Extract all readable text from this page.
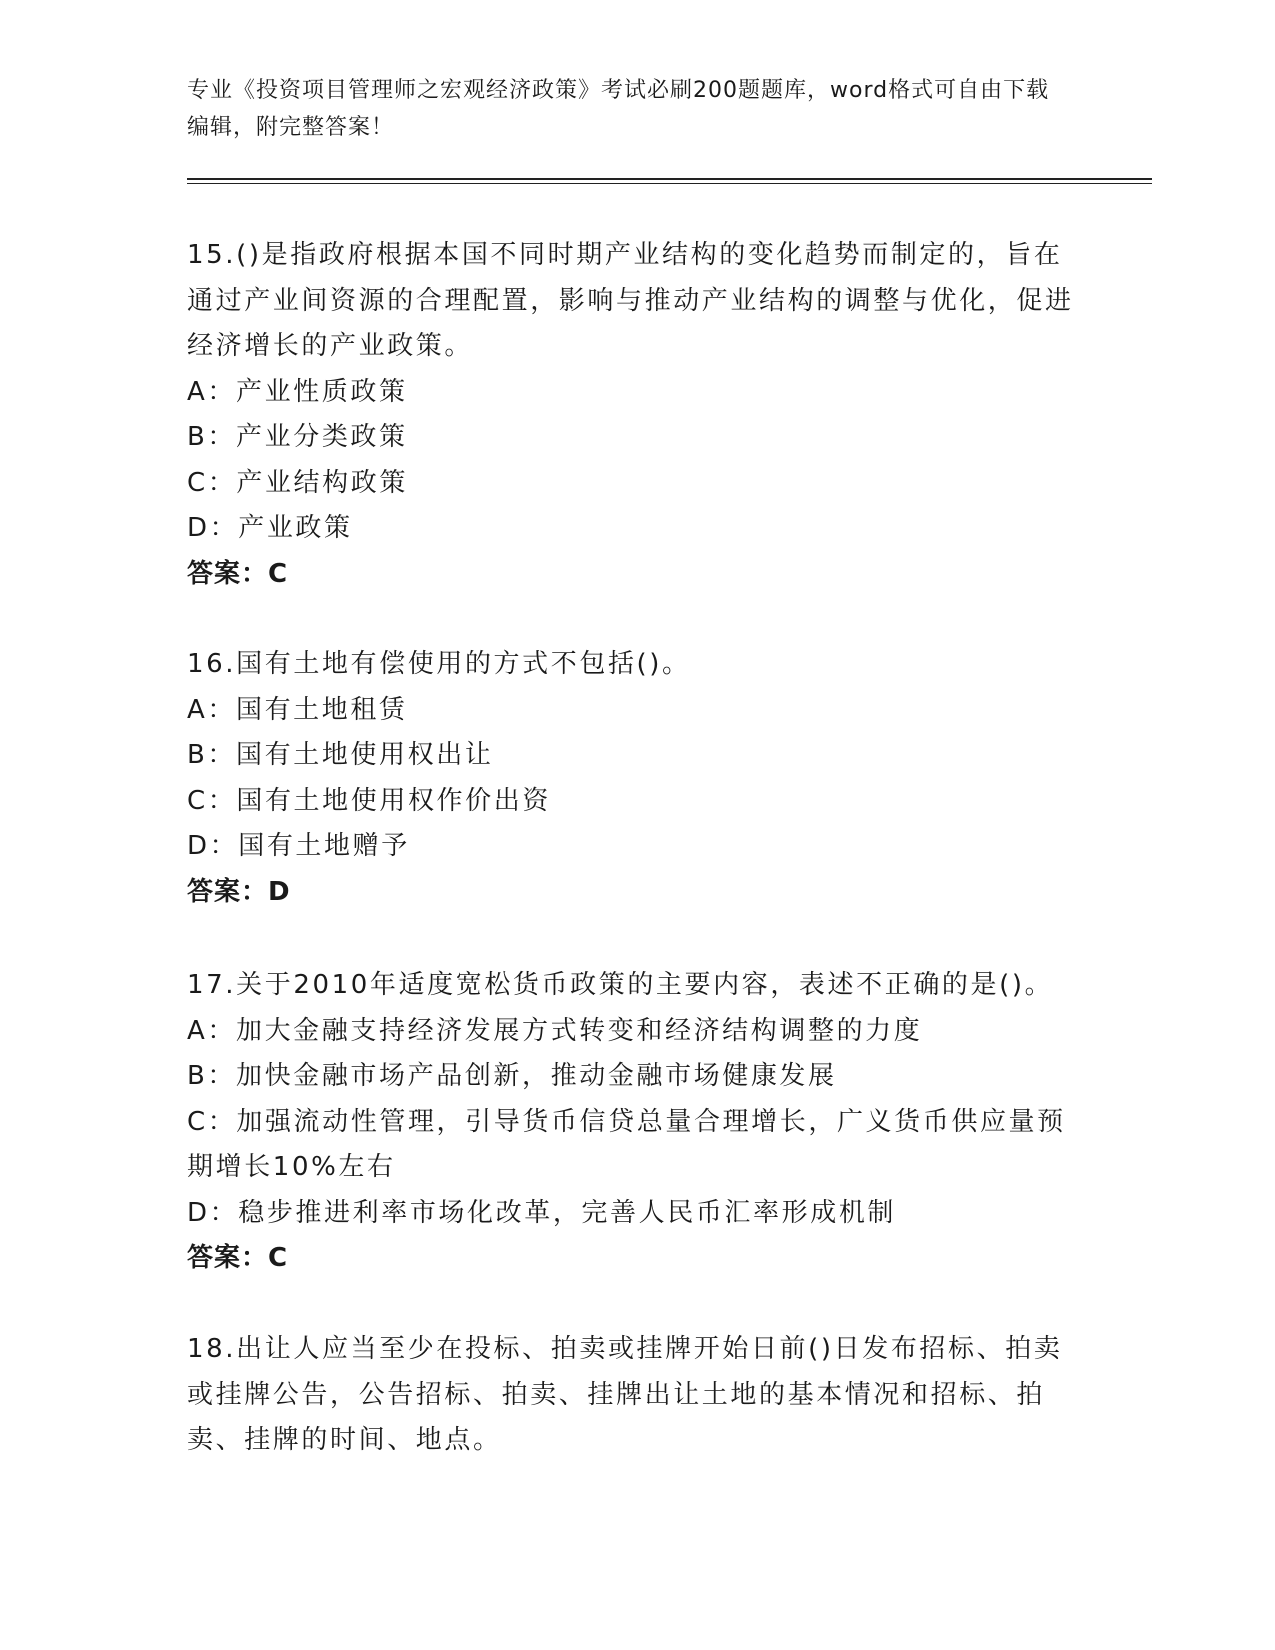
专业《投资项目管理师之宏观经济政策》考试必刷200题题库，word格式可自由下载编辑，附完整答案！

15.()是指政府根据本国不同时期产业结构的变化趋势而制定的，旨在通过产业间资源的合理配置，影响与推动产业结构的调整与优化，促进经济增长的产业政策。

A：产业性质政策

B：产业分类政策

C：产业结构政策

D：产业政策

答案：C

16.国有土地有偿使用的方式不包括()。

A：国有土地租赁

B：国有土地使用权出让

C：国有土地使用权作价出资

D：国有土地赠予

答案：D

17.关于2010年适度宽松货币政策的主要内容，表述不正确的是()。

A：加大金融支持经济发展方式转变和经济结构调整的力度

B：加快金融市场产品创新，推动金融市场健康发展

C：加强流动性管理，引导货币信贷总量合理增长，广义货币供应量预期增长10%左右

D：稳步推进利率市场化改革，完善人民币汇率形成机制

答案：C

18.出让人应当至少在投标、拍卖或挂牌开始日前()日发布招标、拍卖或挂牌公告，公告招标、拍卖、挂牌出让土地的基本情况和招标、拍卖、挂牌的时间、地点。
